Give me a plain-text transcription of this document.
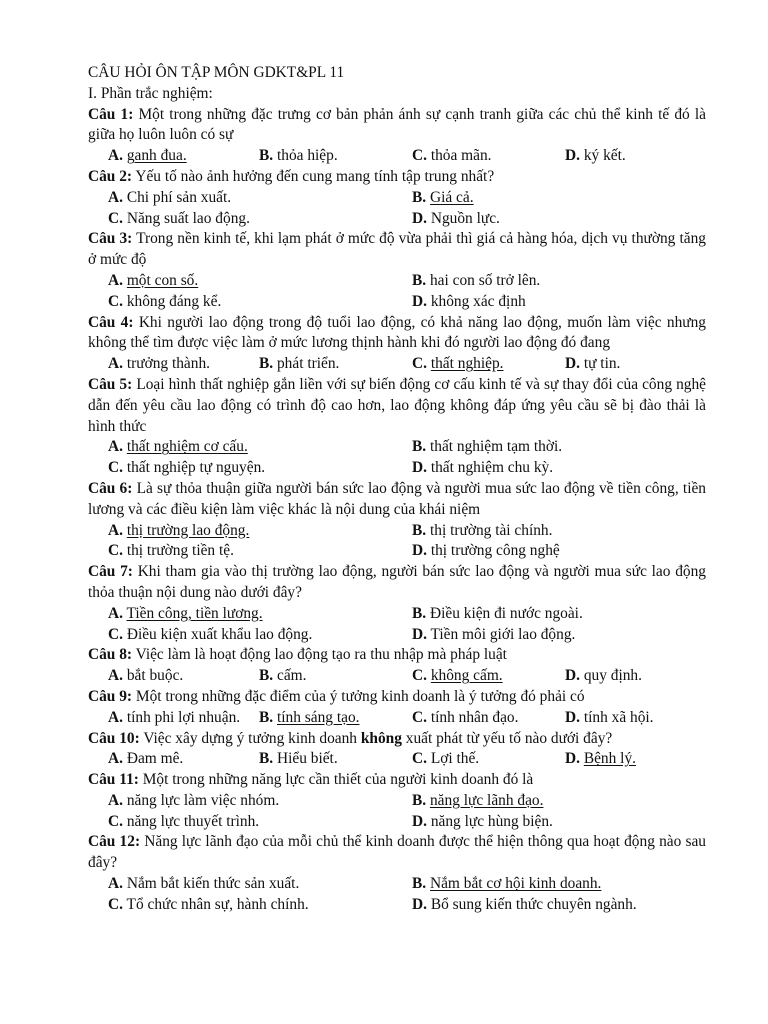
CÂU HỎI ÔN TẬP MÔN GDKT&PL 11
I. Phần trắc nghiệm:
Câu 1: Một trong những đặc trưng cơ bản phản ánh sự cạnh tranh giữa các chủ thể kinh tế đó là giữa họ luôn luôn có sự
A. ganh đua.	B. thỏa hiệp.	C. thỏa mãn.	D. ký kết.
Câu 2: Yếu tố nào ảnh hưởng đến cung mang tính tập trung nhất?
A. Chi phí sản xuất.	B. Giá cả.
C. Năng suất lao động.	D. Nguồn lực.
Câu 3: Trong nền kinh tế, khi lạm phát ở mức độ vừa phải thì giá cả hàng hóa, dịch vụ thường tăng ở mức độ
A. một con số.	B. hai con số trở lên.
C. không đáng kể.	D. không xác định
Câu 4: Khi người lao động trong độ tuổi lao động, có khả năng lao động, muốn làm việc nhưng không thể tìm được việc làm ở mức lương thịnh hành khi đó người lao động đó đang
A. trưởng thành.	B. phát triển.	C. thất nghiệp.	D. tự tin.
Câu 5: Loại hình thất nghiệp gắn liền với sự biến động cơ cấu kinh tế và sự thay đổi của công nghệ dẫn đến yêu cầu lao động có trình độ cao hơn, lao động không đáp ứng yêu cầu sẽ bị đào thải là hình thức
A. thất nghiệm cơ cấu.	B. thất nghiệm tạm thời.
C. thất nghiệp tự nguyện.	D. thất nghiệm chu kỳ.
Câu 6: Là sự thỏa thuận giữa người bán sức lao động và người mua sức lao động về tiền công, tiền lương và các điều kiện làm việc khác là nội dung của khái niệm
A. thị trường lao động.	B. thị trường tài chính.
C. thị trường tiền tệ.	D. thị trường công nghệ
Câu 7: Khi tham gia vào thị trường lao động, người bán sức lao động và người mua sức lao động thỏa thuận nội dung nào dưới đây?
A. Tiền công, tiền lương.	B. Điều kiện đi nước ngoài.
C. Điều kiện xuất khẩu lao động.	D. Tiền môi giới lao động.
Câu 8: Việc làm là hoạt động lao động tạo ra thu nhập mà pháp luật
A. bắt buộc.	B. cấm.	C. không cấm.	D. quy định.
Câu 9: Một trong những đặc điểm của ý tưởng kinh doanh là ý tưởng đó phải có
A. tính phi lợi nhuận. B. tính sáng tạo.	C. tính nhân đạo.	D. tính xã hội.
Câu 10: Việc xây dựng ý tưởng kinh doanh không xuất phát từ yếu tố nào dưới đây?
A. Đam mê.	B. Hiểu biết.	C. Lợi thế.	D. Bệnh lý.
Câu 11: Một trong những năng lực cần thiết của người kinh doanh đó là
A. năng lực làm việc nhóm.	B. năng lực lãnh đạo.
C. năng lực thuyết trình.	D. năng lực hùng biện.
Câu 12: Năng lực lãnh đạo của mỗi chủ thể kinh doanh được thể hiện thông qua hoạt động nào sau đây?
A. Nắm bắt kiến thức sản xuất.	B. Nắm bắt cơ hội kinh doanh.
C. Tổ chức nhân sự, hành chính.	D. Bổ sung kiến thức chuyên ngành.
